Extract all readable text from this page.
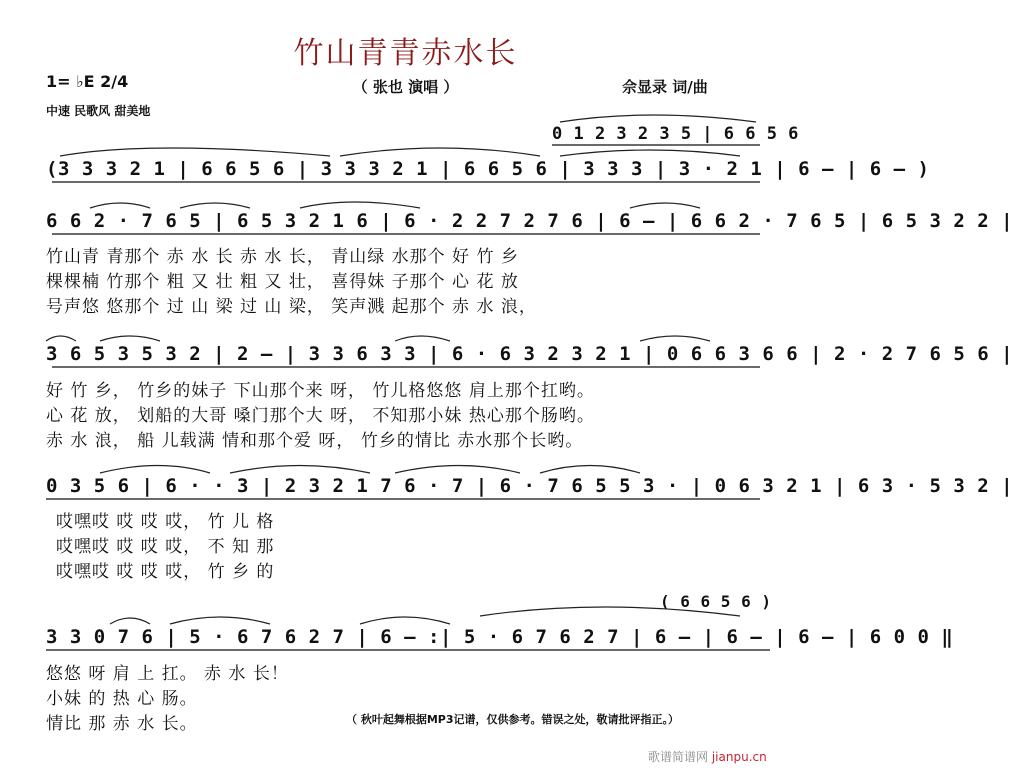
竹山青青赤水长
（ 张也 演唱 ）
1= ♭E 2/4
中速 民歌风 甜美地
佘显录 词/曲
0 1 2 3 2 3 5 | 6 6 5 6
(3 3 3 2 1 | 6 6 5 6 | 3 3 3 2 1 | 6 6 5 6 | 3 3 3 | 3 · 2 1 | 6 – | 6 – )
6 6 2 · 7 6 5 | 6 5 3 2 1 6 | 6 · 2 2 7 2 7 6 | 6 – | 6 6 2 · 7 6 5 | 6 5 3 2 2 |
竹山青 青那个 赤 水 长 赤 水 长， 青山绿 水那个 好 竹 乡
棵棵楠 竹那个 粗 又 壮 粗 又 壮， 喜得妹 子那个 心 花 放
号声悠 悠那个 过 山 梁 过 山 梁， 笑声溅 起那个 赤 水 浪，
3 6 5 3 5 3 2 | 2 – | 3 3 6 3 3 | 6 · 6 3 2 3 2 1 | 0 6 6 3 6 6 | 2 · 2 7 6 5 6 |
好 竹 乡， 竹乡的妹子 下山那个来 呀， 竹儿格悠悠 肩上那个扛哟。
心 花 放， 划船的大哥 嗓门那个大 呀， 不知那小妹 热心那个肠哟。
赤 水 浪， 船 儿载满 情和那个爱 呀， 竹乡的情比 赤水那个长哟。
0 3 5 6 | 6 · · 3 | 2 3 2 1 7 6 · 7 | 6 · 7 6 5 5 3 · | 0 6 3 2 1 | 6 3 · 5 3 2 |
哎嘿哎 哎 哎 哎， 竹 儿 格
哎嘿哎 哎 哎 哎， 不 知 那
哎嘿哎 哎 哎 哎， 竹 乡 的
( 6 6 5 6 )
3 3 0 7 6 | 5 · 6 7 6 2 7 | 6 – :| 5 · 6 7 6 2 7 | 6 – | 6 – | 6 – | 6 0 0 ‖
悠悠 呀 肩 上 扛。 赤 水 长！
小妹 的 热 心 肠。
情比 那 赤 水 长。	（ 秋叶起舞根据MP3记谱，仅供参考。错误之处，敬请批评指正。）
歌谱简谱网 jianpu.cn
